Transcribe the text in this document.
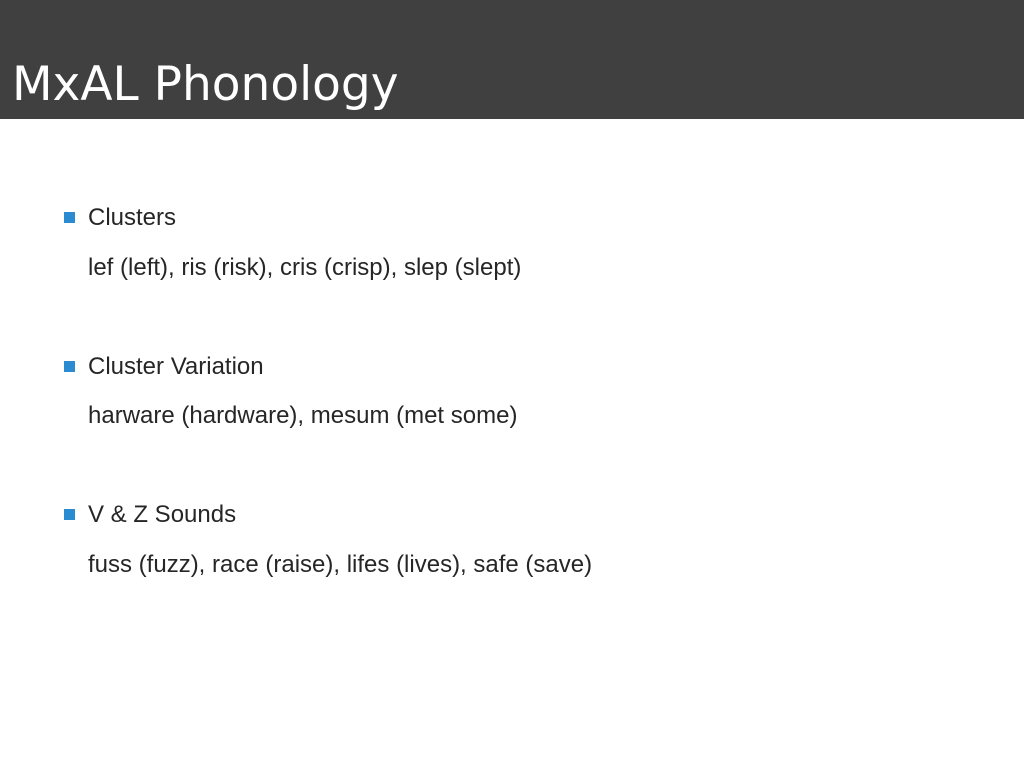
MxAL Phonology
Clusters
lef (left), ris (risk), cris (crisp), slep (slept)
Cluster Variation
harware (hardware), mesum (met some)
V & Z Sounds
fuss (fuzz), race (raise), lifes (lives), safe (save)
